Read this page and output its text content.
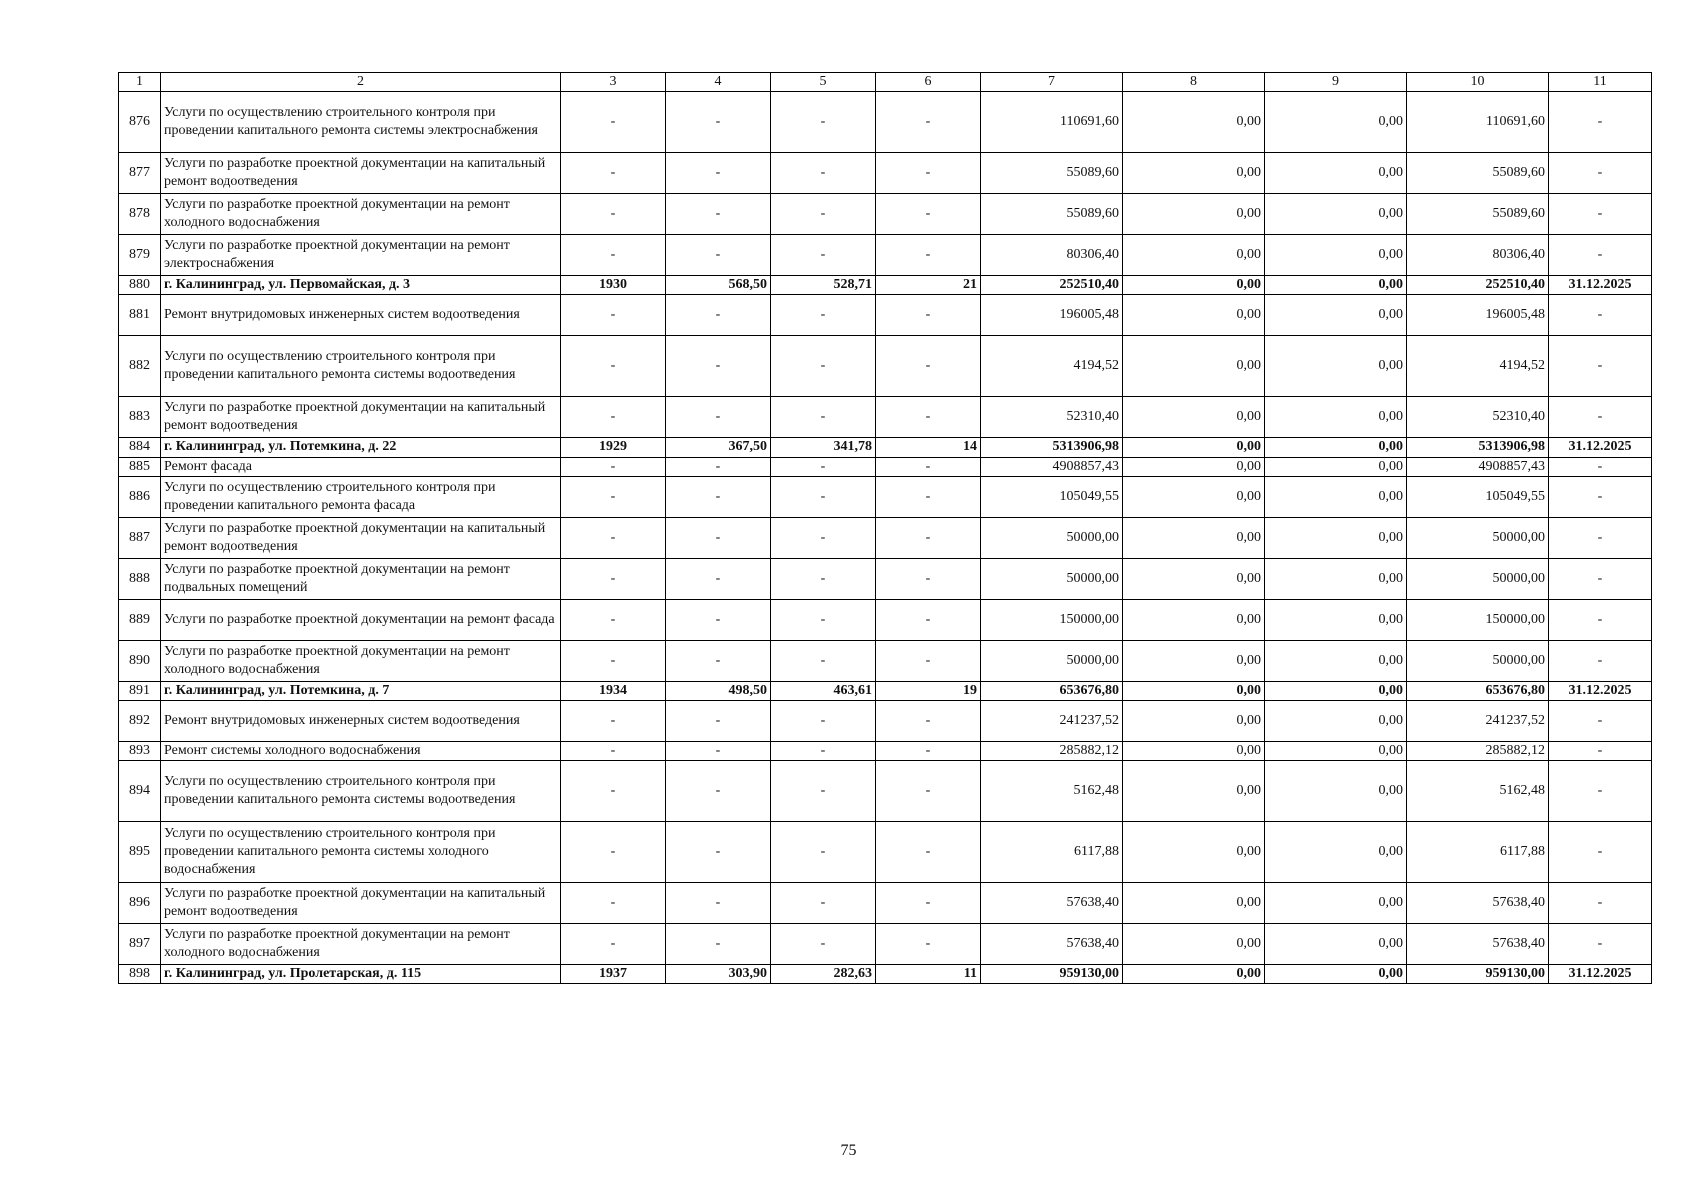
1	2	3	4	5	6	7	8	9	10	11
876	Услуги по осуществлению строительного контроля при проведении капитального ремонта системы электроснабжения	-	-	-	-	110691,60	0,00	0,00	110691,60	-
877	Услуги по разработке проектной документации на капитальный ремонт водоотведения	-	-	-	-	55089,60	0,00	0,00	55089,60	-
878	Услуги по разработке проектной документации на ремонт холодного водоснабжения	-	-	-	-	55089,60	0,00	0,00	55089,60	-
879	Услуги по разработке проектной документации на ремонт электроснабжения	-	-	-	-	80306,40	0,00	0,00	80306,40	-
880	г. Калининград, ул. Первомайская, д. 3	1930	568,50	528,71	21	252510,40	0,00	0,00	252510,40	31.12.2025
881	Ремонт внутридомовых инженерных систем водоотведения	-	-	-	-	196005,48	0,00	0,00	196005,48	-
882	Услуги по осуществлению строительного контроля при проведении капитального ремонта системы водоотведения	-	-	-	-	4194,52	0,00	0,00	4194,52	-
883	Услуги по разработке проектной документации на капитальный ремонт водоотведения	-	-	-	-	52310,40	0,00	0,00	52310,40	-
884	г. Калининград, ул. Потемкина, д. 22	1929	367,50	341,78	14	5313906,98	0,00	0,00	5313906,98	31.12.2025
885	Ремонт фасада	-	-	-	-	4908857,43	0,00	0,00	4908857,43	-
886	Услуги по осуществлению строительного контроля при проведении капитального ремонта фасада	-	-	-	-	105049,55	0,00	0,00	105049,55	-
887	Услуги по разработке проектной документации на капитальный ремонт водоотведения	-	-	-	-	50000,00	0,00	0,00	50000,00	-
888	Услуги по разработке проектной документации на ремонт подвальных помещений	-	-	-	-	50000,00	0,00	0,00	50000,00	-
889	Услуги по разработке проектной документации на ремонт фасада	-	-	-	-	150000,00	0,00	0,00	150000,00	-
890	Услуги по разработке проектной документации на ремонт холодного водоснабжения	-	-	-	-	50000,00	0,00	0,00	50000,00	-
891	г. Калининград, ул. Потемкина, д. 7	1934	498,50	463,61	19	653676,80	0,00	0,00	653676,80	31.12.2025
892	Ремонт внутридомовых инженерных систем водоотведения	-	-	-	-	241237,52	0,00	0,00	241237,52	-
893	Ремонт системы холодного водоснабжения	-	-	-	-	285882,12	0,00	0,00	285882,12	-
894	Услуги по осуществлению строительного контроля при проведении капитального ремонта системы водоотведения	-	-	-	-	5162,48	0,00	0,00	5162,48	-
895	Услуги по осуществлению строительного контроля при проведении капитального ремонта системы холодного водоснабжения	-	-	-	-	6117,88	0,00	0,00	6117,88	-
896	Услуги по разработке проектной документации на капитальный ремонт водоотведения	-	-	-	-	57638,40	0,00	0,00	57638,40	-
897	Услуги по разработке проектной документации на ремонт холодного водоснабжения	-	-	-	-	57638,40	0,00	0,00	57638,40	-
898	г. Калининград, ул. Пролетарская, д. 115	1937	303,90	282,63	11	959130,00	0,00	0,00	959130,00	31.12.2025
75
